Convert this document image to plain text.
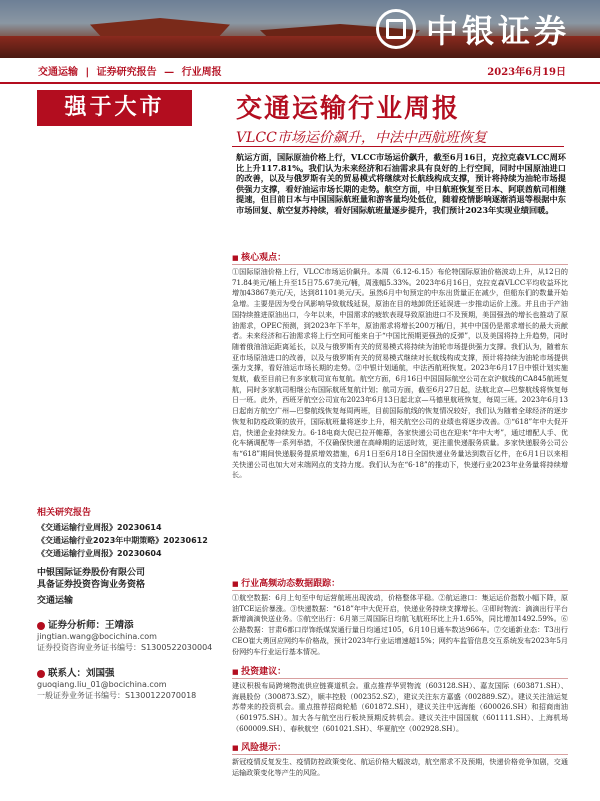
中银证券
交通运输 | 证券研究报告 — 行业周报	2023年6月19日
强于大市	交通运输行业周报
VLCC市场运价飙升，中法中西航班恢复
航运方面，国际原油价格上行，VLCC市场运价飙升，截至6月16日，克拉克森VLCC周环比上升117.81%。我们认为未来经济和石油需求具有良好的上行空间，同时中国原油进口的改善，以及与俄罗斯有关的贸易模式将继续对长航线构成支撑，预计将持续为油轮市场提供强力支撑，看好油运市场长期的走势。航空方面，中日航班恢复至日本、阿联酋航司相继提速，但目前日本与中国国际航班量和游客量均处低位，随着疫情影响逐渐消退等根据中东市场回复、航空复苏持续，看好国际航班量逐步提升，我们预计2023年实现业绩回暖。
■ 核心观点：
①国际原油价格上行，VLCC市场运价飙升。本周（6.12-6.15）布伦特国际原油价格波动上升，从12日的71.84美元/桶上升至15日75.67美元/桶，周涨幅5.33%。2023年6月16日，克拉克森VLCC平均收益环比增加43867美元/天，达到81101美元/天。虽然6月中旬预定的中东出货量正在减少，但船东们的数量开始急增。主要是因为受台风影响导致航线延误，原油在目的地卸货还延误进一步推动运价上涨。并且由于产油国持续推进原油出口，今年以来，中国需求的疲软表现导致原油进口不及预期，美国强劲的增长也推动了原油需求，OPEC预测，到2023年下半年，原油需求将增长200万桶/日，其中中国仍是需求增长的最大贡献者。未来经济和石油需求将上行空间可能来自于“中国比预期更强劲的反弹”，以及美国将持上升趋势，同时随着俄油油运距离延长，以及与俄罗斯有关的贸易模式将持续为油轮市场提供强力支撑。我们认为，随着东亚市场原油进口的改善，以及与俄罗斯有关的贸易模式继续对长航线构成支撑，预计将持续为油轮市场提供强力支撑，看好油运市场长期的走势。②中银计划通航，中法西航班恢复。2023年6月17日中银计划实施复航，截至目前已有多家航司宣布复航。航空方面，6月16日中国国际航空公司在京沪航线的CA845航班复航，同时多家航司相继公布国际航班复航计划；航司方面，截至6月27日起，法航北京—巴黎航线将恢复每日一班。此外，西班牙航空公司宣布2023年6月13日起北京—马德里航班恢复，每周三班。2023年6月13日起南方航空广州—巴黎航线恢复每周两班，目前国际航线的恢复情况较好，我们认为随着全球经济的逐步恢复和防疫政策的放开，国际航班量将逐步上升，相关航空公司的业绩也将逐步改善。③“618”年中大促开启，快递企业持续发力。6·18电商大促已拉开帷幕，各家快递公司也在迎来“年中大考”，通过增配人手、优化车辆调配等一系列举措，不仅确保快递在高峰期的运送时效，更注重快递服务质量。多家快递服务公司公布“618”期间快递服务提质增效措施，6月1日至6月18日全国快递业务量达到数百亿件，在6月1日以来相关快递公司也加大对末端网点的支持力度。我们认为在“6·18”的推动下，快递行业2023年业务量将持续增长。
■ 行业高频动态数据跟踪：
①航空数据：6月上旬至中旬运营航班出现波动，价格整体平稳。②航运港口：集运运价指数小幅下降，原油TCE运价暴涨。③快递数据：“618”年中大促开启，快递业务持续支撑增长。④即时物流：滴滴出行平台新增滴滴快送业务。⑤航空出行：6月第三周国际日均航飞航班环比上升1.65%，同比增加1492.59%。⑥公路数据：甘肃6都口岸饰纸煤炭通行量日均通过105，6月10日通车数达966车。⑦交通新业态：T3出行CEO崔大勇回应网约车价格战，预计2023年行业运增速超15%；网约车监管信息交互系统发布2023年5月份网约车行业运行基本情况。
■ 投资建议：
建议积极布局跨境物流供应链赛道机会。重点推荐华贸物流（603128.SH）、嘉友国际（603871.SH）、海晨股份（300873.SZ），顺丰控股（002352.SZ），建议关注东方嘉盛（002889.SZ）。建议关注油运复苏带来的投资机会。重点推荐招商轮船（601872.SH），建议关注中远海能（600026.SH）和招商南油（601975.SH）。加大各与航空出行板块预期反转机会。建议关注中国国航（601111.SH）、上海机场（600009.SH）、春秋航空（601021.SH）、华夏航空（002928.SH）。
■ 风险提示：
新冠疫情反复发生、疫情防控政策变化、航运价格大幅波动，航空需求不及预期，快递价格竞争加剧，交通运输政策变化等产生的风险。
相关研究报告
《交通运输行业周报》20230614
《交通运输行业2023年中期策略》20230612
《交通运输行业周报》20230604
中银国际证券股份有限公司
具备证券投资咨询业务资格
交通运输
证券分析师：王靖添
jingtian.wang@bocichina.com
证券投资咨询业务证书编号：S1300522030004
联系人：刘国强
guoqiang.liu_01@bocichina.com
一般证券业务证书编号：S1300122070018
